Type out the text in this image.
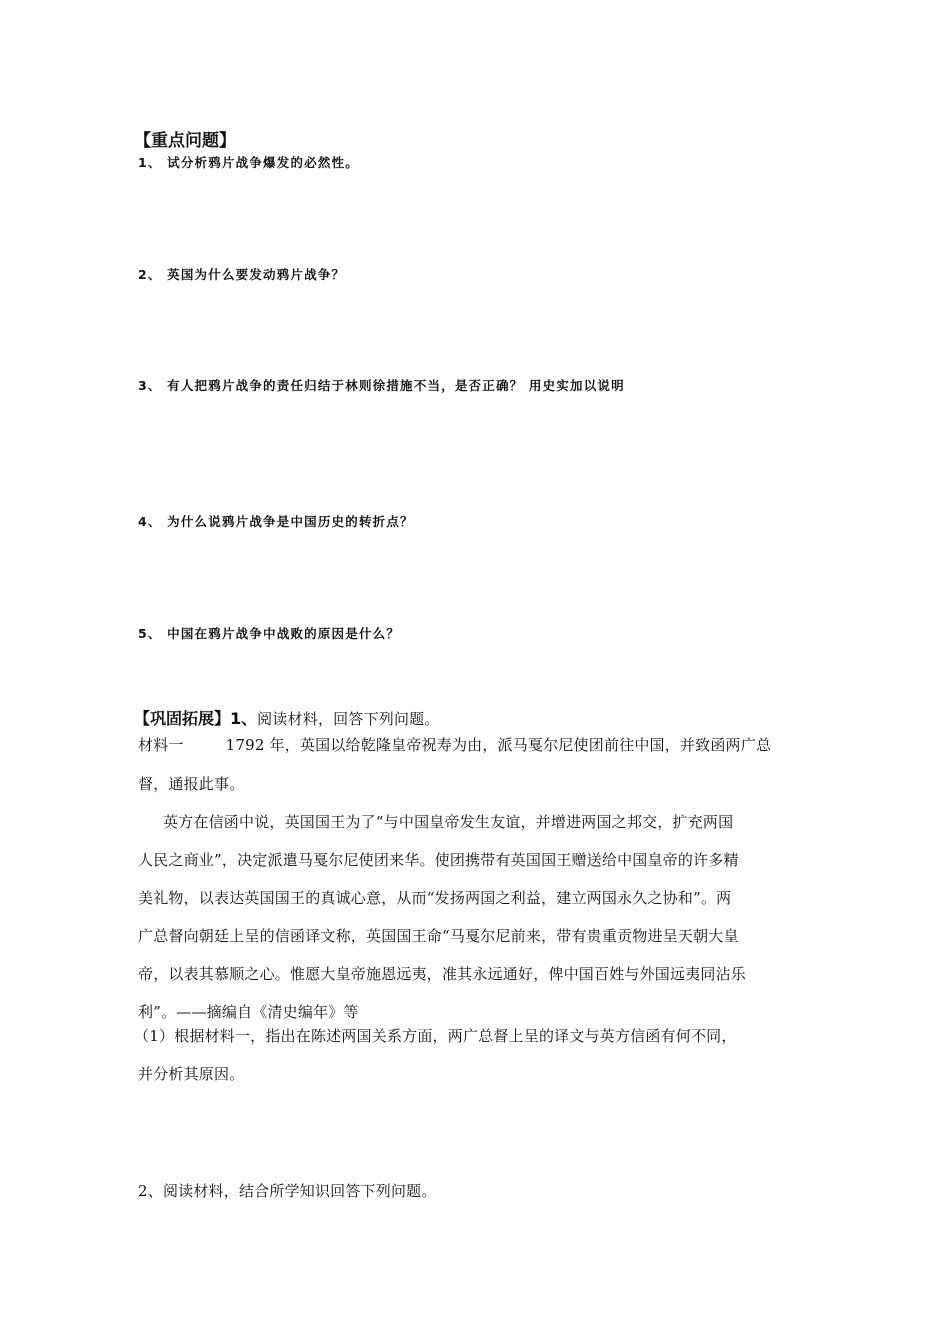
【重点问题】
1、 试分析鸦片战争爆发的必然性。
2、 英国为什么要发动鸦片战争？
3、 有人把鸦片战争的责任归结于林则徐措施不当，是否正确？ 用史实加以说明
4、 为什么说鸦片战争是中国历史的转折点？
5、 中国在鸦片战争中战败的原因是什么？
【巩固拓展】1、阅读材料，回答下列问题。
材料一	1792 年，英国以给乾隆皇帝祝寿为由，派马戛尔尼使团前往中国，并致函两广总
督，通报此事。
英方在信函中说，英国国王为了“与中国皇帝发生友谊，并增进两国之邦交，扩充两国
人民之商业”，决定派遣马戛尔尼使团来华。使团携带有英国国王赠送给中国皇帝的许多精
美礼物，以表达英国国王的真诚心意，从而“发扬两国之利益，建立两国永久之协和”。两
广总督向朝廷上呈的信函译文称，英国国王命“马戛尔尼前来，带有贵重贡物进呈天朝大皇
帝，以表其慕顺之心。惟愿大皇帝施恩远夷，准其永远通好，俾中国百姓与外国远夷同沾乐
利”。——摘编自《清史编年》等
（1）根据材料一，指出在陈述两国关系方面，两广总督上呈的译文与英方信函有何不同，
并分析其原因。
2、阅读材料，结合所学知识回答下列问题。
